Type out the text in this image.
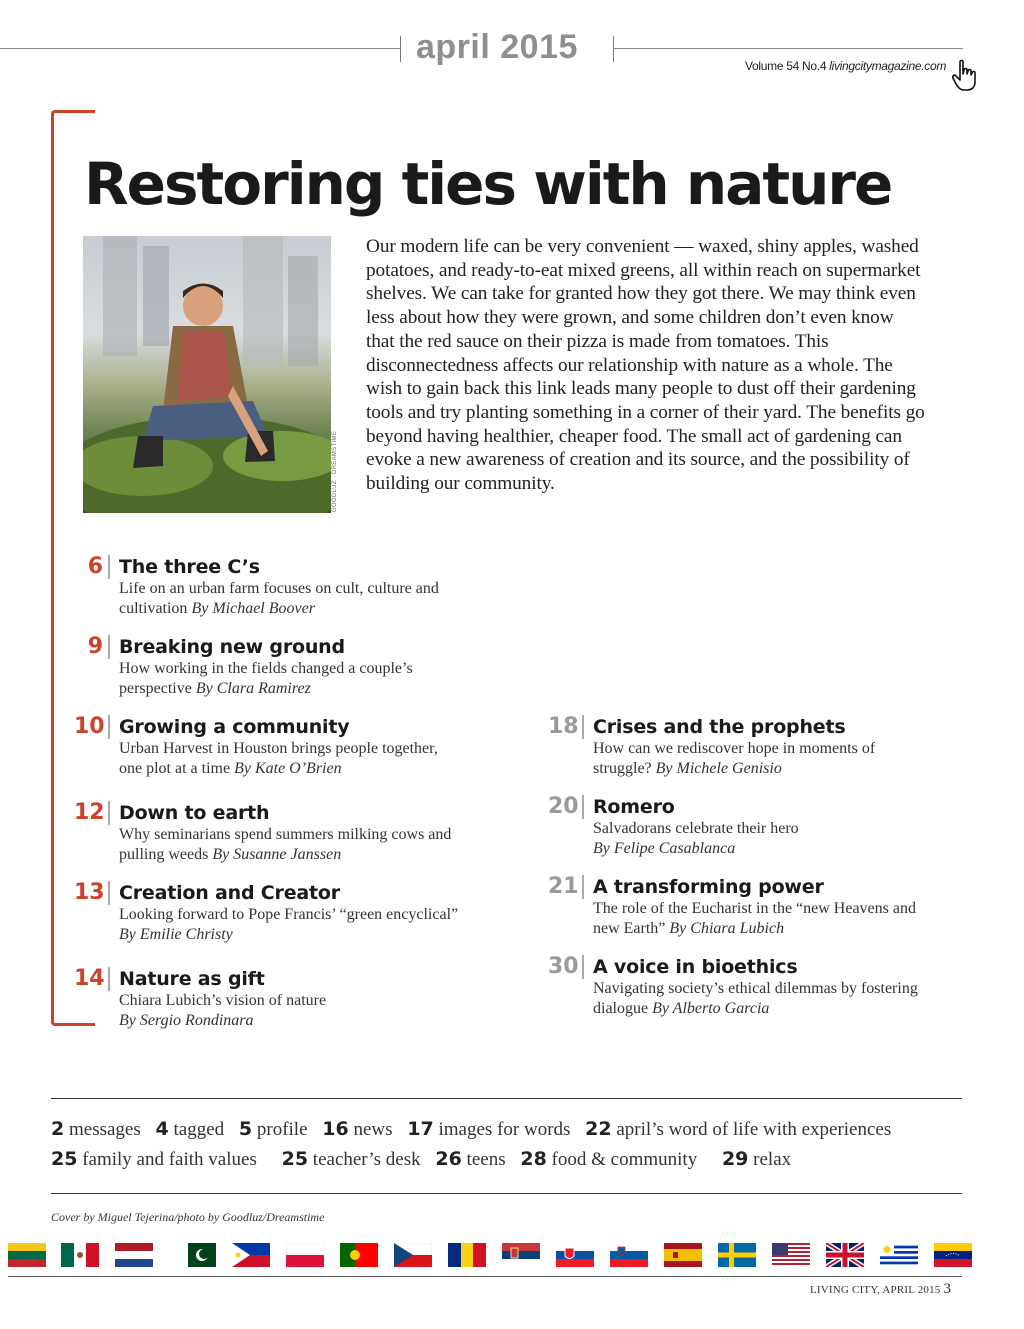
april 2015	Volume 54 No.4 livingcitymagazine.com
Restoring ties with nature
GOODLUZ · DREAMSTIME

Our modern life can be very convenient — waxed, shiny apples, washed potatoes, and ready-to-eat mixed greens, all within reach on supermarket shelves. We can take for granted how they got there. We may think even less about how they were grown, and some children don’t even know that the red sauce on their pizza is made from tomatoes. This disconnectedness affects our relationship with nature as a whole. The wish to gain back this link leads many people to dust off their gardening tools and try planting something in a corner of their yard. The benefits go beyond having healthier, cheaper food. The small act of gardening can evoke a new awareness of creation and its source, and the possibility of building our community.

6 The three C’s
Life on an urban farm focuses on cult, culture and cultivation By Michael Boover
9 Breaking new ground
How working in the fields changed a couple’s perspective By Clara Ramirez
10 Growing a community
Urban Harvest in Houston brings people together, one plot at a time By Kate O’Brien
12 Down to earth
Why seminarians spend summers milking cows and pulling weeds By Susanne Janssen
13 Creation and Creator
Looking forward to Pope Francis’ “green encyclical” By Emilie Christy
14 Nature as gift
Chiara Lubich’s vision of nature
By Sergio Rondinara
18 Crises and the prophets
How can we rediscover hope in moments of struggle? By Michele Genisio
20 Romero
Salvadorans celebrate their hero
By Felipe Casablanca
21 A transforming power
The role of the Eucharist in the “new Heavens and new Earth” By Chiara Lubich
30 A voice in bioethics
Navigating society’s ethical dilemmas by fostering dialogue By Alberto Garcia
2 messages 4 tagged 5 profile 16 news 17 images for words 22 april’s word of life with experiences
25 family and faith values 25 teacher’s desk 26 teens 28 food & community 29 relax
Cover by Miguel Tejerina/photo by Goodluz/Dreamstime
LIVING CITY, APRIL 2015 3
